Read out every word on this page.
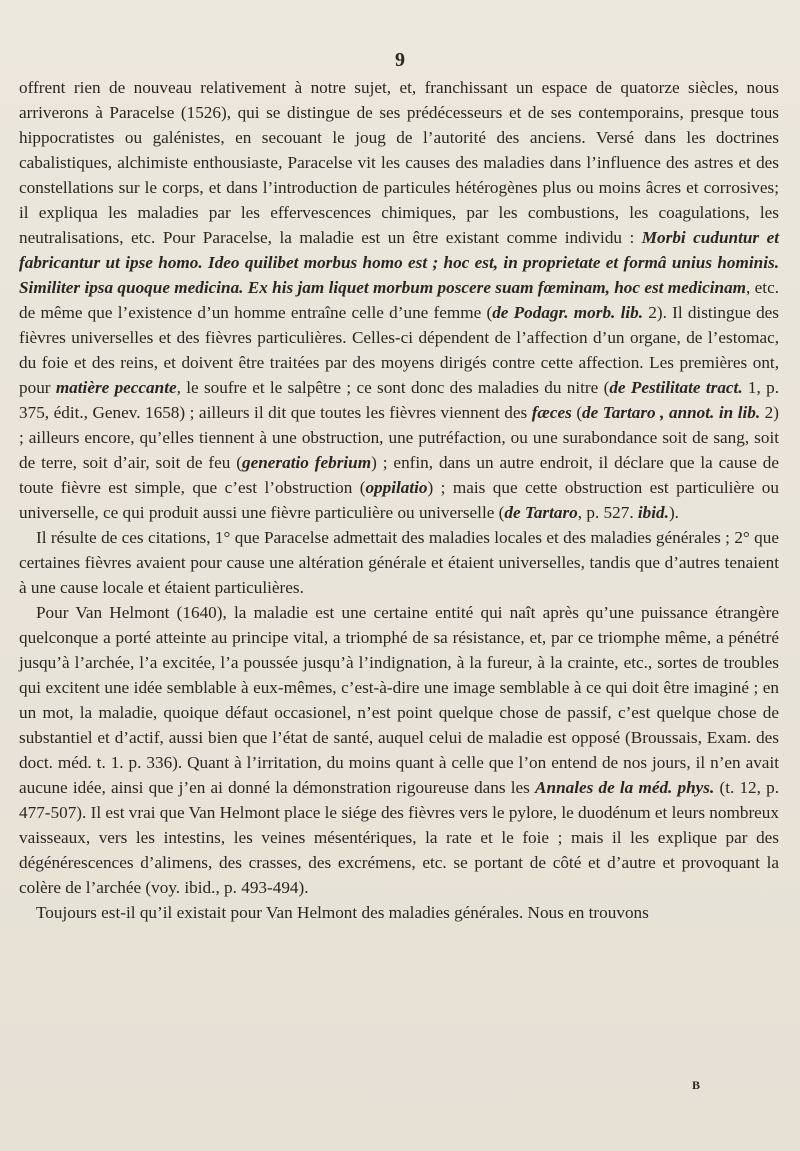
9

offrent rien de nouveau relativement à notre sujet, et, franchissant un espace de quatorze siècles, nous arriverons à Paracelse (1526), qui se distingue de ses prédécesseurs et de ses contemporains, presque tous hippocratistes ou galénistes, en secouant le joug de l’autorité des anciens. Versé dans les doctrines cabalistiques, alchimiste enthousiaste, Paracelse vit les causes des maladies dans l’influence des astres et des constellations sur le corps, et dans l’introduction de particules hétérogènes plus ou moins âcres et corrosives; il expliqua les maladies par les effervescences chimiques, par les combustions, les coagulations, les neutralisations, etc. Pour Paracelse, la maladie est un être existant comme individu : Morbi cuduntur et fabricantur ut ipse homo. Ideo quilibet morbus homo est ; hoc est, in proprietate et formâ unius hominis. Similiter ipsa quoque medicina. Ex his jam liquet morbum poscere suam fœminam, hoc est medicinam, etc. de même que l’existence d’un homme entraîne celle d’une femme (de Podagr. morb. lib. 2). Il distingue des fièvres universelles et des fièvres particulières. Celles-ci dépendent de l’affection d’un organe, de l’estomac, du foie et des reins, et doivent être traitées par des moyens dirigés contre cette affection. Les premières ont, pour matière peccante, le soufre et le salpêtre ; ce sont donc des maladies du nitre (de Pestilitate tract. 1, p. 375, édit., Genev. 1658) ; ailleurs il dit que toutes les fièvres viennent des fæces (de Tartaro , annot. in lib. 2) ; ailleurs encore, qu’elles tiennent à une obstruction, une putréfaction, ou une surabondance soit de sang, soit de terre, soit d’air, soit de feu (generatio febrium) ; enfin, dans un autre endroit, il déclare que la cause de toute fièvre est simple, que c’est l’obstruction (oppilatio) ; mais que cette obstruction est particulière ou universelle, ce qui produit aussi une fièvre particulière ou universelle (de Tartaro, p. 527. ibid.).

Il résulte de ces citations, 1° que Paracelse admettait des maladies locales et des maladies générales ; 2° que certaines fièvres avaient pour cause une altération générale et étaient universelles, tandis que d’autres tenaient à une cause locale et étaient particulières.

Pour Van Helmont (1640), la maladie est une certaine entité qui naît après qu’une puissance étrangère quelconque a porté atteinte au principe vital, a triomphé de sa résistance, et, par ce triomphe même, a pénétré jusqu’à l’archée, l’a excitée, l’a poussée jusqu’à l’indignation, à la fureur, à la crainte, etc., sortes de troubles qui excitent une idée semblable à eux-mêmes, c’est-à-dire une image semblable à ce qui doit être imaginé ; en un mot, la maladie, quoique défaut occasionel, n’est point quelque chose de passif, c’est quelque chose de substantiel et d’actif, aussi bien que l’état de santé, auquel celui de maladie est opposé (Broussais, Exam. des doct. méd. t. 1. p. 336). Quant à l’irritation, du moins quant à celle que l’on entend de nos jours, il n’en avait aucune idée, ainsi que j’en ai donné la démonstration rigoureuse dans les Annales de la méd. phys. (t. 12, p. 477-507). Il est vrai que Van Helmont place le siége des fièvres vers le pylore, le duodénum et leurs nombreux vaisseaux, vers les intestins, les veines mésentériques, la rate et le foie ; mais il les explique par des dégénérescences d’alimens, des crasses, des excrémens, etc. se portant de côté et d’autre et provoquant la colère de l’archée (voy. ibid., p. 493-494).

Toujours est-il qu’il existait pour Van Helmont des maladies générales. Nous en trouvons

B
